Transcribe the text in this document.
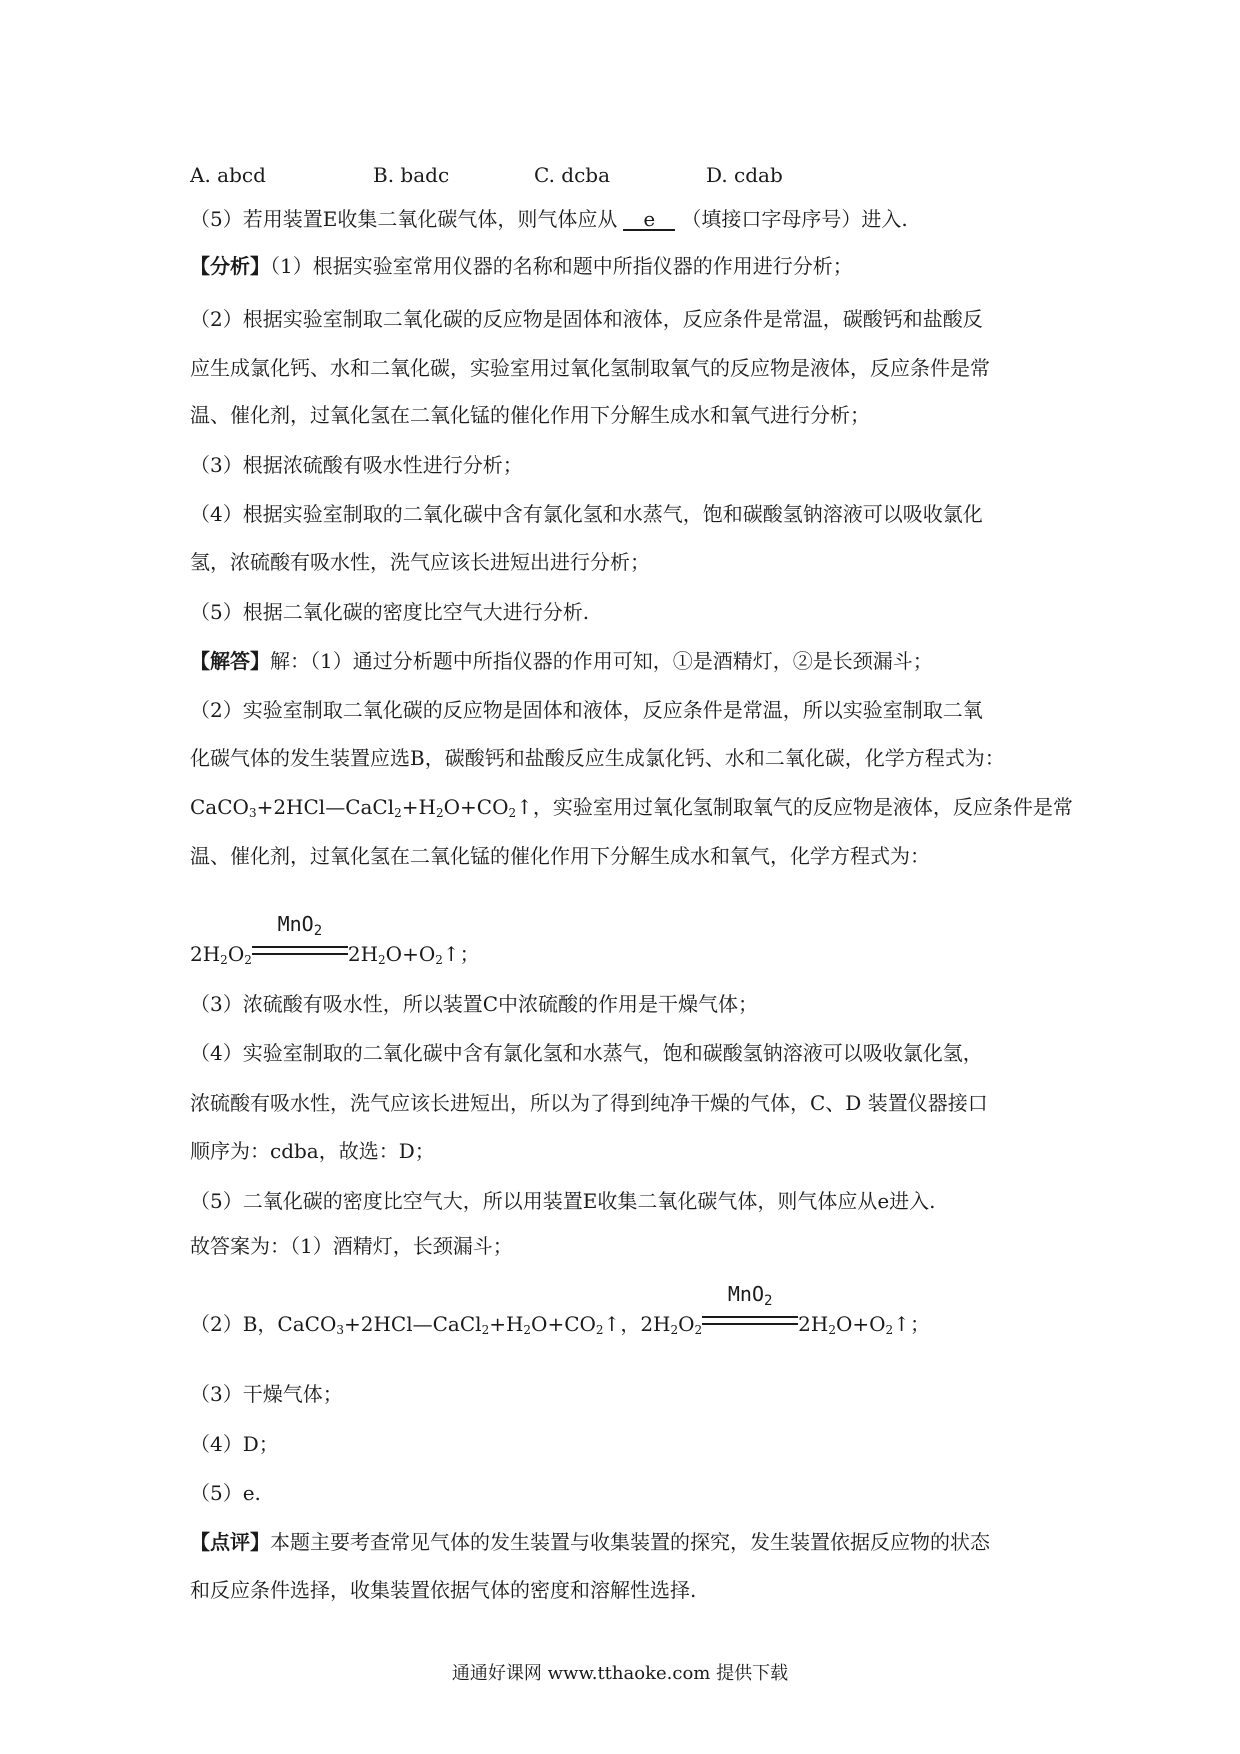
A. abcd	B. badc	C. dcba	D. cdab
（5）若用装置E收集二氧化碳气体，则气体应从 e （填接口字母序号）进入.
【分析】（1）根据实验室常用仪器的名称和题中所指仪器的作用进行分析；
（2）根据实验室制取二氧化碳的反应物是固体和液体，反应条件是常温，碳酸钙和盐酸反
应生成氯化钙、水和二氧化碳，实验室用过氧化氢制取氧气的反应物是液体，反应条件是常
温、催化剂，过氧化氢在二氧化锰的催化作用下分解生成水和氧气进行分析；
（3）根据浓硫酸有吸水性进行分析；
（4）根据实验室制取的二氧化碳中含有氯化氢和水蒸气，饱和碳酸氢钠溶液可以吸收氯化
氢，浓硫酸有吸水性，洗气应该长进短出进行分析；
（5）根据二氧化碳的密度比空气大进行分析.
【解答】解：（1）通过分析题中所指仪器的作用可知，①是酒精灯，②是长颈漏斗；
（2）实验室制取二氧化碳的反应物是固体和液体，反应条件是常温，所以实验室制取二氧
化碳气体的发生装置应选B，碳酸钙和盐酸反应生成氯化钙、水和二氧化碳，化学方程式为：
$CaCO_3+2HCl—CaCl_2+H_2O+CO_2↑$，实验室用过氧化氢制取氧气的反应物是液体，反应条件是常
温、催化剂，过氧化氢在二氧化锰的催化作用下分解生成水和氧气，化学方程式为：
$2H_2O_2$
MnO$_2$
$2H_2O+O_2↑$；
（3）浓硫酸有吸水性，所以装置C中浓硫酸的作用是干燥气体；
（4）实验室制取的二氧化碳中含有氯化氢和水蒸气，饱和碳酸氢钠溶液可以吸收氯化氢，
浓硫酸有吸水性，洗气应该长进短出，所以为了得到纯净干燥的气体，C、D 装置仪器接口
顺序为：cdba，故选：D；
（5）二氧化碳的密度比空气大，所以用装置E收集二氧化碳气体，则气体应从e进入.
故答案为：（1）酒精灯，长颈漏斗；
（2）B，$CaCO_3+2HCl—CaCl_2+H_2O+CO_2↑$，$2H_2O_2$
MnO$_2$
$2H_2O+O_2↑$；
（3）干燥气体；
（4）D；
（5）e.
【点评】本题主要考查常见气体的发生装置与收集装置的探究，发生装置依据反应物的状态
和反应条件选择，收集装置依据气体的密度和溶解性选择.
通通好课网 www.tthaoke.com 提供下载
